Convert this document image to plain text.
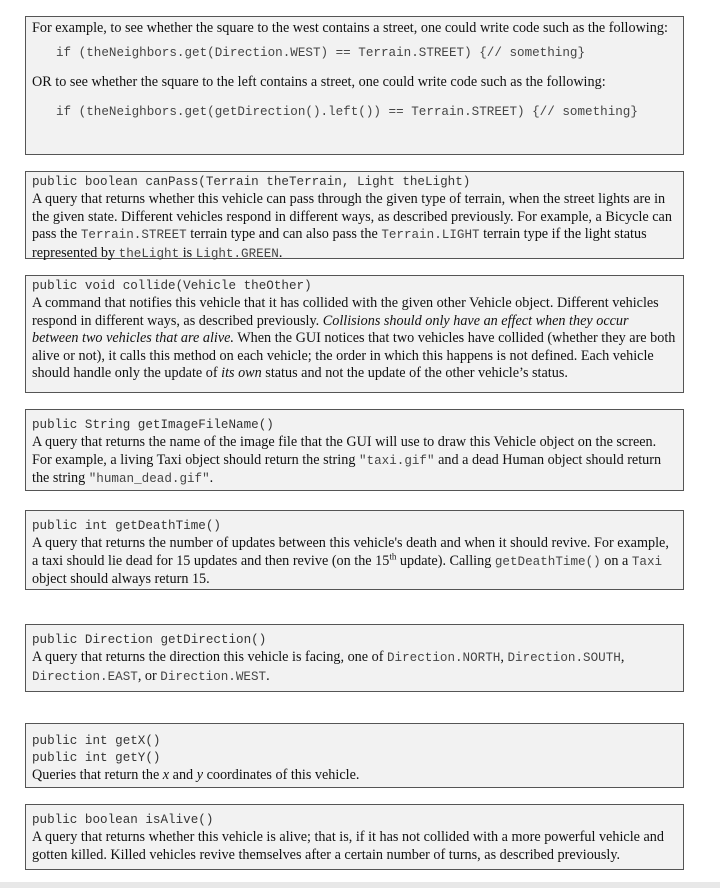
For example, to see whether the square to the west contains a street, one could write code such as the following:
if (theNeighbors.get(Direction.WEST) == Terrain.STREET) {// something}
OR to see whether the square to the left contains a street, one could write code such as the following:
if (theNeighbors.get(getDirection().left()) == Terrain.STREET) {// something}
public boolean canPass(Terrain theTerrain, Light theLight)
A query that returns whether this vehicle can pass through the given type of terrain, when the street lights are in the given state. Different vehicles respond in different ways, as described previously. For example, a Bicycle can pass the Terrain.STREET terrain type and can also pass the Terrain.LIGHT terrain type if the light status represented by theLight is Light.GREEN.
public void collide(Vehicle theOther)
A command that notifies this vehicle that it has collided with the given other Vehicle object. Different vehicles respond in different ways, as described previously. Collisions should only have an effect when they occur
between two vehicles that are alive. When the GUI notices that two vehicles have collided (whether they are both alive or not), it calls this method on each vehicle; the order in which this happens is not defined. Each vehicle should handle only the update of its own status and not the update of the other vehicle’s status.
public String getImageFileName()
A query that returns the name of the image file that the GUI will use to draw this Vehicle object on the screen. For example, a living Taxi object should return the string "taxi.gif" and a dead Human object should return the string "human_dead.gif".
public int getDeathTime()
A query that returns the number of updates between this vehicle's death and when it should revive. For example, a taxi should lie dead for 15 updates and then revive (on the 15th update). Calling getDeathTime() on a Taxi object should always return 15.
public Direction getDirection()
A query that returns the direction this vehicle is facing, one of Direction.NORTH, Direction.SOUTH,
Direction.EAST, or Direction.WEST.
public int getX()
public int getY()
Queries that return the x and y coordinates of this vehicle.
public boolean isAlive()
A query that returns whether this vehicle is alive; that is, if it has not collided with a more powerful vehicle and gotten killed. Killed vehicles revive themselves after a certain number of turns, as described previously.
